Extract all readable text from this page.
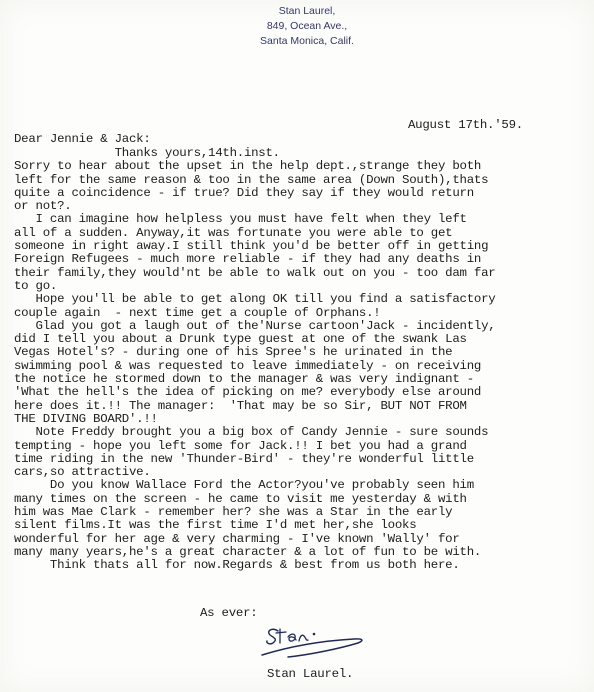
Stan Laurel,
849, Ocean Ave.,
Santa Monica, Calif.
August 17th.'59.
Dear Jennie & Jack:
Thanks yours,14th.inst.
Sorry to hear about the upset in the help dept.,strange they both
left for the same reason & too in the same area (Down South),thats
quite a coincidence - if true? Did they say if they would return
or not?.
I can imagine how helpless you must have felt when they left
all of a sudden. Anyway,it was fortunate you were able to get
someone in right away.I still think you'd be better off in getting
Foreign Refugees - much more reliable - if they had any deaths in
their family,they would'nt be able to walk out on you - too dam far
to go.
Hope you'll be able to get along OK till you find a satisfactory
couple again  - next time get a couple of Orphans.!
Glad you got a laugh out of the'Nurse cartoon'Jack - incidently,
did I tell you about a Drunk type guest at one of the swank Las
Vegas Hotel's? - during one of his Spree's he urinated in the
swimming pool & was requested to leave immediately - on receiving
the notice he stormed down to the manager & was very indignant -
'What the hell's the idea of picking on me? everybody else around
here does it.!! The manager:  'That may be so Sir, BUT NOT FROM
THE DIVING BOARD'.!!
Note Freddy brought you a big box of Candy Jennie - sure sounds
tempting - hope you left some for Jack.!! I bet you had a grand
time riding in the new 'Thunder-Bird' - they're wonderful little
cars,so attractive.
Do you know Wallace Ford the Actor?you've probably seen him
many times on the screen - he came to visit me yesterday & with
him was Mae Clark - remember her? she was a Star in the early
silent films.It was the first time I'd met her,she looks
wonderful for her age & very charming - I've known 'Wally' for
many many years,he's a great character & a lot of fun to be with.
Think thats all for now.Regards & best from us both here.
As ever:
Stan Laurel.
